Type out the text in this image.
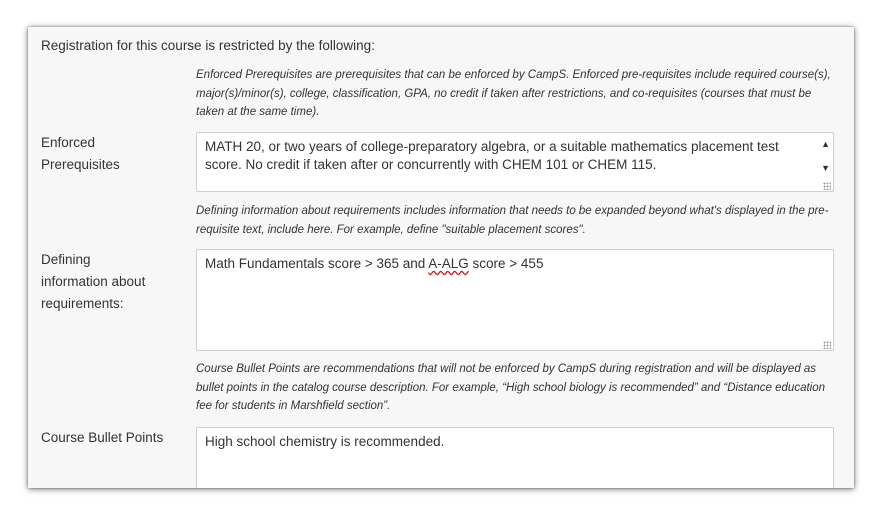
Registration for this course is restricted by the following:
Enforced Prerequisites are prerequisites that can be enforced by CampS. Enforced pre-requisites include required course(s), major(s)/minor(s), college, classification, GPA, no credit if taken after restrictions, and co-requisites (courses that must be taken at the same time).
Enforced
Prerequisites
MATH 20, or two years of college-preparatory algebra, or a suitable mathematics placement test score. No credit if taken after or concurrently with CHEM 101 or CHEM 115.
▲
▼
Defining information about requirements includes information that needs to be expanded beyond what's displayed in the pre-requisite text, include here. For example, define "suitable placement scores".
Defining
information about
requirements:
Math Fundamentals score > 365 and A-ALG score > 455
Course Bullet Points are recommendations that will not be enforced by CampS during registration and will be displayed as bullet points in the catalog course description. For example, “High school biology is recommended” and “Distance education fee for students in Marshfield section”.
Course Bullet Points	High school chemistry is recommended.
